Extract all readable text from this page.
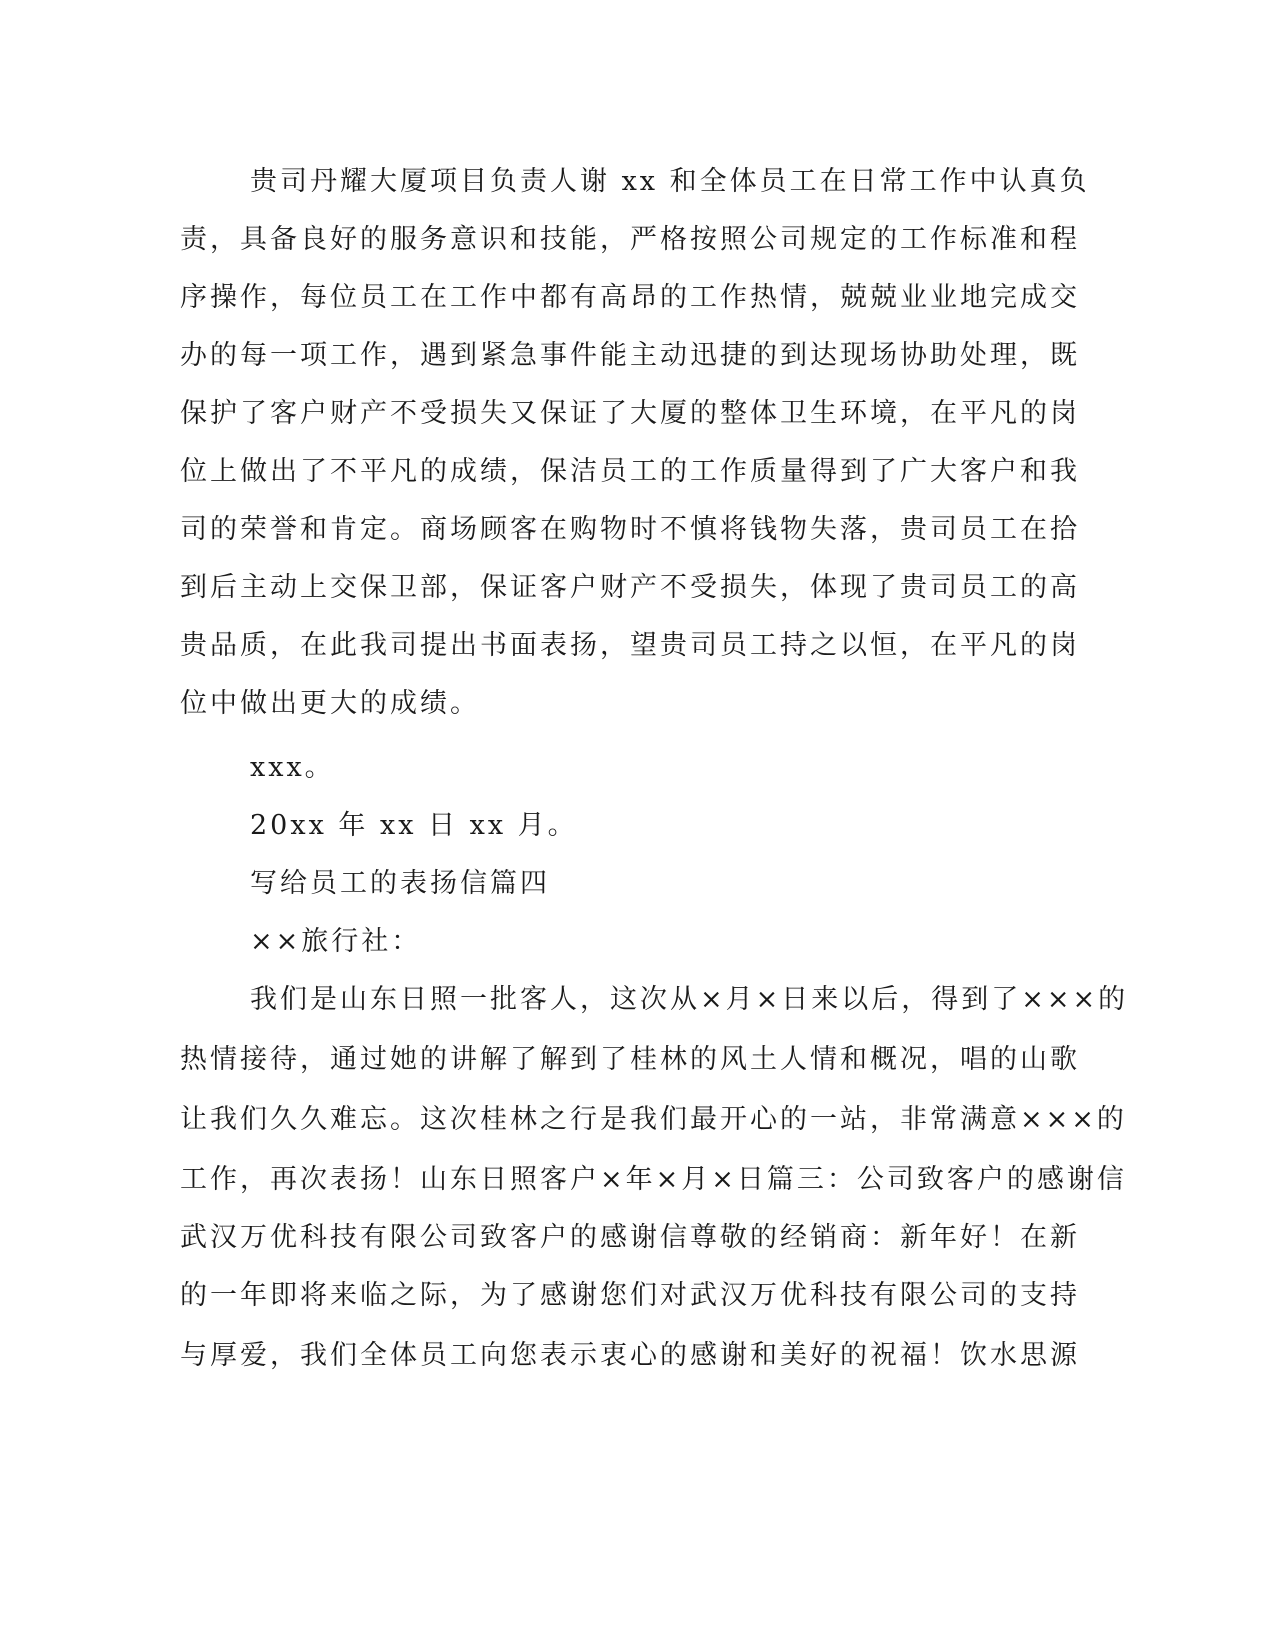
贵司丹耀大厦项目负责人谢 xx 和全体员工在日常工作中认真负
责，具备良好的服务意识和技能，严格按照公司规定的工作标准和程
序操作，每位员工在工作中都有高昂的工作热情，兢兢业业地完成交
办的每一项工作，遇到紧急事件能主动迅捷的到达现场协助处理，既
保护了客户财产不受损失又保证了大厦的整体卫生环境，在平凡的岗
位上做出了不平凡的成绩，保洁员工的工作质量得到了广大客户和我
司的荣誉和肯定。商场顾客在购物时不慎将钱物失落，贵司员工在拾
到后主动上交保卫部，保证客户财产不受损失，体现了贵司员工的高
贵品质，在此我司提出书面表扬，望贵司员工持之以恒，在平凡的岗
位中做出更大的成绩。
xxx。
20xx 年 xx 日 xx 月。
写给员工的表扬信篇四
××旅行社：
我们是山东日照一批客人，这次从×月×日来以后，得到了×××的
热情接待，通过她的讲解了解到了桂林的风土人情和概况，唱的山歌
让我们久久难忘。这次桂林之行是我们最开心的一站，非常满意×××的
工作，再次表扬！山东日照客户×年×月×日篇三：公司致客户的感谢信
武汉万优科技有限公司致客户的感谢信尊敬的经销商：新年好！在新
的一年即将来临之际，为了感谢您们对武汉万优科技有限公司的支持
与厚爱，我们全体员工向您表示衷心的感谢和美好的祝福！饮水思源
